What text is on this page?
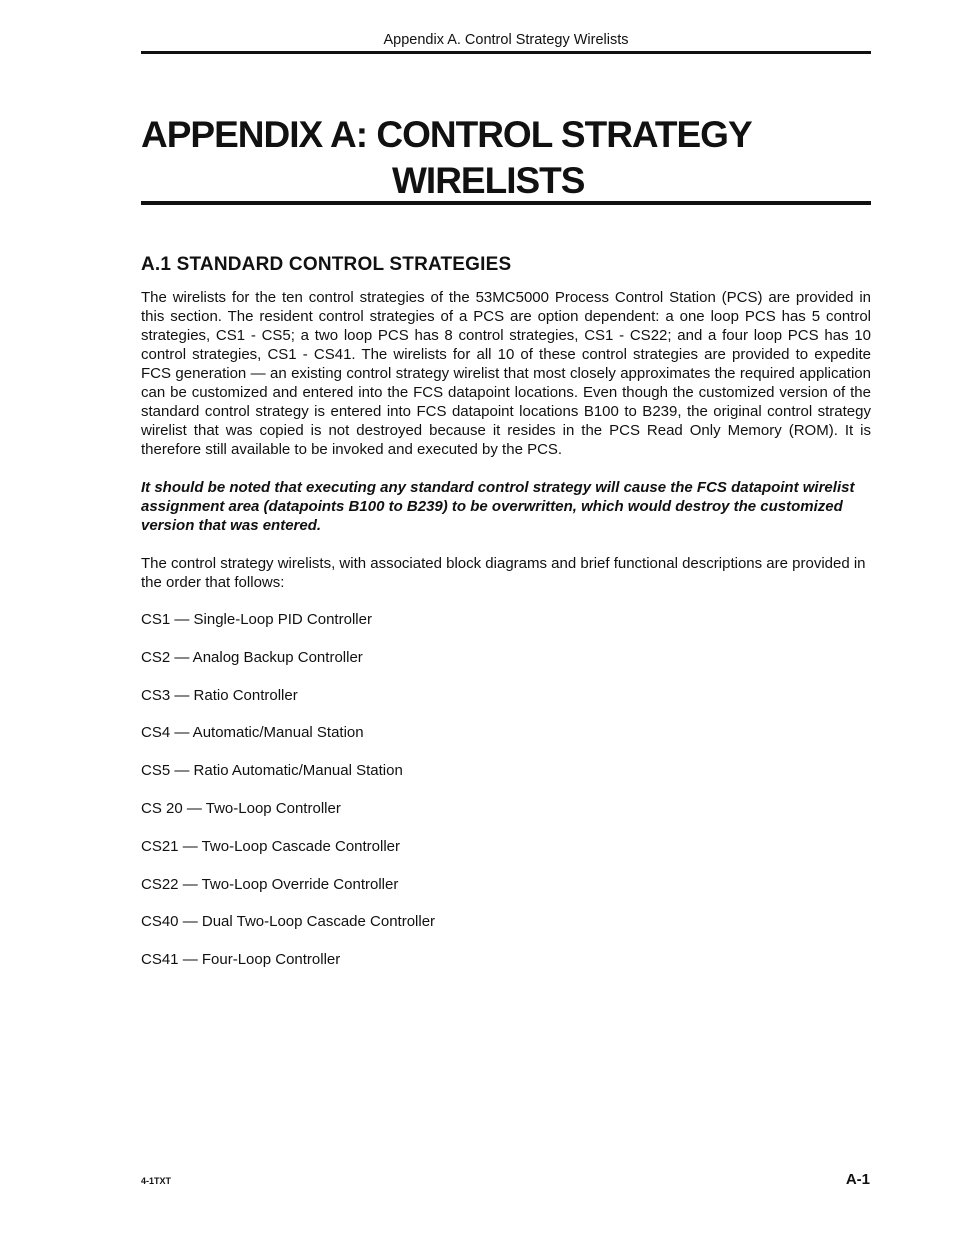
Appendix A. Control Strategy Wirelists
APPENDIX A: CONTROL STRATEGY
WIRELISTS
A.1 STANDARD CONTROL STRATEGIES

The wirelists for the ten control strategies of the 53MC5000 Process Control Station (PCS) are provided in this section. The resident control strategies of a PCS are option dependent: a one loop PCS has 5 control strategies, CS1 - CS5; a two loop PCS has 8 control strategies, CS1 - CS22; and a four loop PCS has 10 control strategies, CS1 - CS41. The wirelists for all 10 of these control strategies are provided to expedite FCS generation — an existing control strategy wirelist that most closely approximates the required application can be customized and entered into the FCS datapoint locations. Even though the customized version of the standard control strategy is entered into FCS datapoint locations B100 to B239, the original control strategy wirelist that was copied is not destroyed because it resides in the PCS Read Only Memory (ROM). It is therefore still available to be invoked and executed by the PCS.

It should be noted that executing any standard control strategy will cause the FCS datapoint wirelist assignment area (datapoints B100 to B239) to be overwritten, which would destroy the customized version that was entered.

The control strategy wirelists, with associated block diagrams and brief functional descriptions are provided in the order that follows:

CS1 — Single-Loop PID Controller
CS2 — Analog Backup Controller
CS3 — Ratio Controller
CS4 — Automatic/Manual Station
CS5 — Ratio Automatic/Manual Station
CS 20 — Two-Loop Controller
CS21 — Two-Loop Cascade Controller
CS22 — Two-Loop Override Controller
CS40 — Dual Two-Loop Cascade Controller
CS41 — Four-Loop Controller
4-1TXT	A-1
